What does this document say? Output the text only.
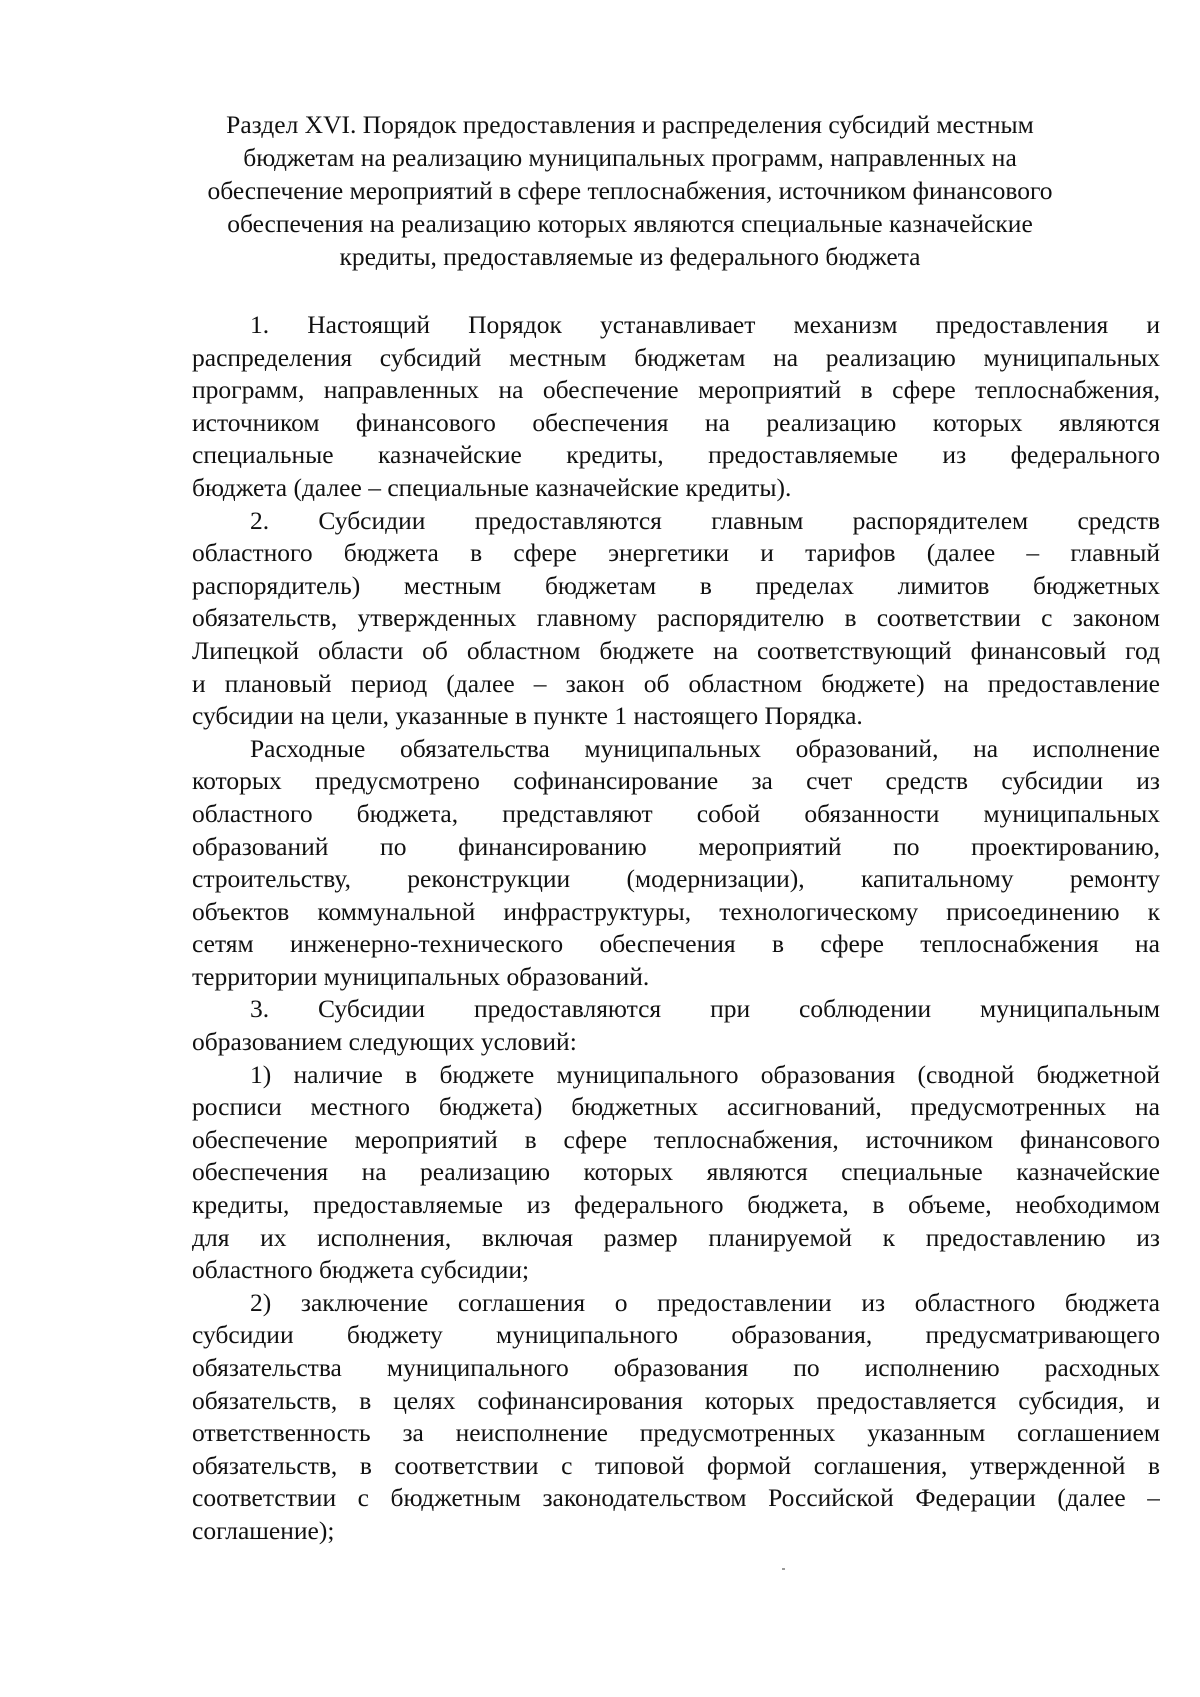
Раздел XVI. Порядок предоставления и распределения субсидий местным
бюджетам на реализацию муниципальных программ, направленных на
обеспечение мероприятий в сфере теплоснабжения, источником финансового
обеспечения на реализацию которых являются специальные казначейские
кредиты, предоставляемые из федерального бюджета
1. Настоящий Порядок устанавливает механизм предоставления и
распределения субсидий местным бюджетам на реализацию муниципальных
программ, направленных на обеспечение мероприятий в сфере теплоснабжения,
источником финансового обеспечения на реализацию которых являются
специальные казначейские кредиты, предоставляемые из федерального
бюджета (далее – специальные казначейские кредиты).
2. Субсидии предоставляются главным распорядителем средств
областного бюджета в сфере энергетики и тарифов (далее – главный
распорядитель) местным бюджетам в пределах лимитов бюджетных
обязательств, утвержденных главному распорядителю в соответствии с законом
Липецкой области об областном бюджете на соответствующий финансовый год
и плановый период (далее – закон об областном бюджете) на предоставление
субсидии на цели, указанные в пункте 1 настоящего Порядка.
Расходные обязательства муниципальных образований, на исполнение
которых предусмотрено софинансирование за счет средств субсидии из
областного бюджета, представляют собой обязанности муниципальных
образований по финансированию мероприятий по проектированию,
строительству, реконструкции (модернизации), капитальному ремонту
объектов коммунальной инфраструктуры, технологическому присоединению к
сетям инженерно-технического обеспечения в сфере теплоснабжения на
территории муниципальных образований.
3. Субсидии предоставляются при соблюдении муниципальным
образованием следующих условий:
1) наличие в бюджете муниципального образования (сводной бюджетной
росписи местного бюджета) бюджетных ассигнований, предусмотренных на
обеспечение мероприятий в сфере теплоснабжения, источником финансового
обеспечения на реализацию которых являются специальные казначейские
кредиты, предоставляемые из федерального бюджета, в объеме, необходимом
для их исполнения, включая размер планируемой к предоставлению из
областного бюджета субсидии;
2) заключение соглашения о предоставлении из областного бюджета
субсидии бюджету муниципального образования, предусматривающего
обязательства муниципального образования по исполнению расходных
обязательств, в целях софинансирования которых предоставляется субсидия, и
ответственность за неисполнение предусмотренных указанным соглашением
обязательств, в соответствии с типовой формой соглашения, утвержденной в
соответствии с бюджетным законодательством Российской Федерации (далее –
соглашение);
